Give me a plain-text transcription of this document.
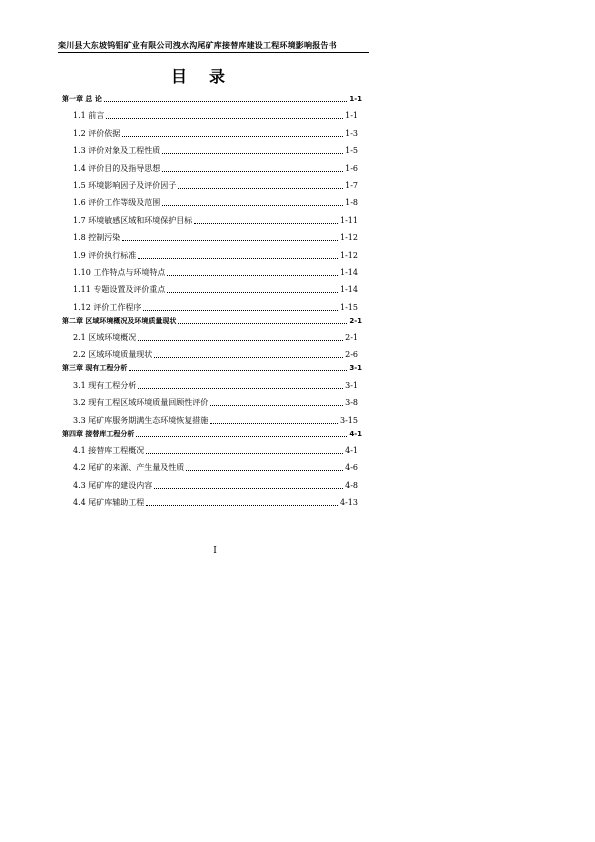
栾川县大东坡钨钼矿业有限公司洩水沟尾矿库接替库建设工程环境影响报告书
目录
第一章 总 论	1-1
1.1 前言	1-1
1.2 评价依据	1-3
1.3 评价对象及工程性质	1-5
1.4 评价目的及指导思想	1-6
1.5 环境影响因子及评价因子	1-7
1.6 评价工作等级及范围	1-8
1.7 环境敏感区域和环境保护目标	1-11
1.8 控制污染	1-12
1.9 评价执行标准	1-12
1.10 工作特点与环境特点	1-14
1.11 专题设置及评价重点	1-14
1.12 评价工作程序	1-15
第二章 区域环境概况及环境质量现状	2-1
2.1 区域环境概况	2-1
2.2 区域环境质量现状	2-6
第三章 现有工程分析	3-1
3.1 现有工程分析	3-1
3.2 现有工程区域环境质量回顾性评价	3-8
3.3 尾矿库服务期满生态环境恢复措施	3-15
第四章 接替库工程分析	4-1
4.1 接替库工程概况	4-1
4.2 尾矿的来源、产生量及性质	4-6
4.3 尾矿库的建设内容	4-8
4.4 尾矿库辅助工程	4-13
I
